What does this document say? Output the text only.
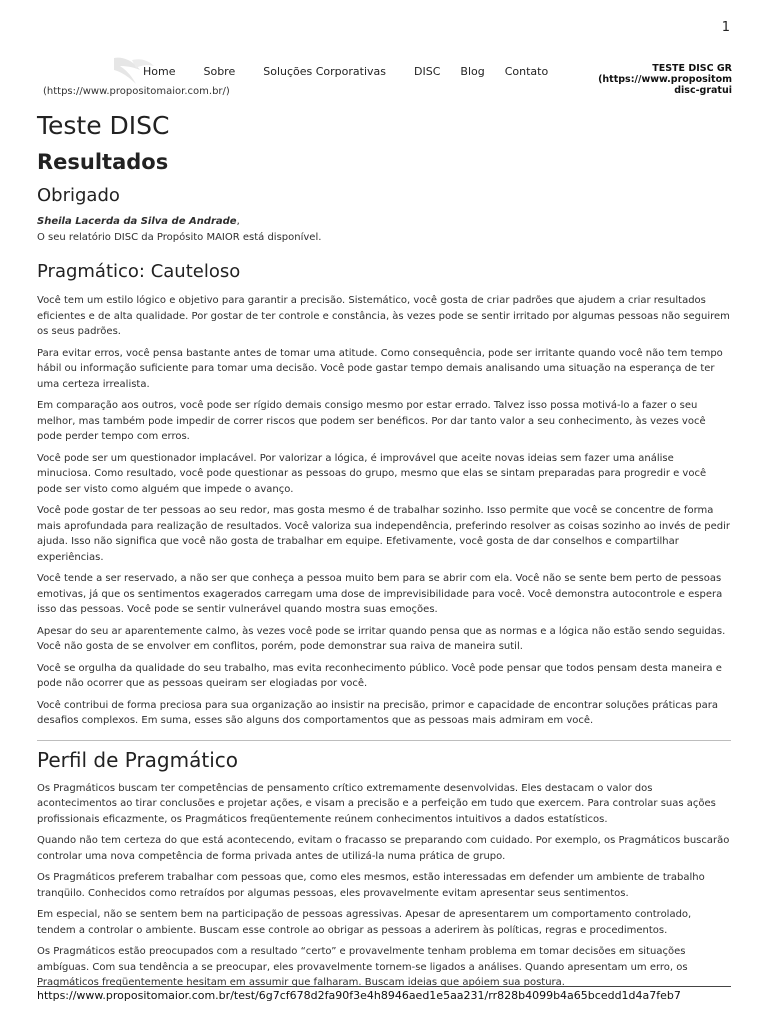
1
Home	Sobre	Soluções Corporativas	DISC Blog Contato
(https://www.propositomaior.com.br/)
TESTE DISC GR
(https://www.propositom
disc-gratui
Teste DISC
Resultados
Obrigado

Sheila Lacerda da Silva de Andrade,
O seu relatório DISC da Propósito MAIOR está disponível.

Pragmático: Cauteloso

Você tem um estilo lógico e objetivo para garantir a precisão. Sistemático, você gosta de criar padrões que ajudem a criar resultados eficientes e de alta qualidade. Por gostar de ter controle e constância, às vezes pode se sentir irritado por algumas pessoas não seguirem os seus padrões.

Para evitar erros, você pensa bastante antes de tomar uma atitude. Como consequência, pode ser irritante quando você não tem tempo hábil ou informação suficiente para tomar uma decisão. Você pode gastar tempo demais analisando uma situação na esperança de ter uma certeza irrealista.

Em comparação aos outros, você pode ser rígido demais consigo mesmo por estar errado. Talvez isso possa motivá-lo a fazer o seu melhor, mas também pode impedir de correr riscos que podem ser benéficos. Por dar tanto valor a seu conhecimento, às vezes você pode perder tempo com erros.

Você pode ser um questionador implacável. Por valorizar a lógica, é improvável que aceite novas ideias sem fazer uma análise minuciosa. Como resultado, você pode questionar as pessoas do grupo, mesmo que elas se sintam preparadas para progredir e você pode ser visto como alguém que impede o avanço.

Você pode gostar de ter pessoas ao seu redor, mas gosta mesmo é de trabalhar sozinho. Isso permite que você se concentre de forma mais aprofundada para realização de resultados. Você valoriza sua independência, preferindo resolver as coisas sozinho ao invés de pedir ajuda. Isso não significa que você não gosta de trabalhar em equipe. Efetivamente, você gosta de dar conselhos e compartilhar experiências.

Você tende a ser reservado, a não ser que conheça a pessoa muito bem para se abrir com ela. Você não se sente bem perto de pessoas emotivas, já que os sentimentos exagerados carregam uma dose de imprevisibilidade para você. Você demonstra autocontrole e espera isso das pessoas. Você pode se sentir vulnerável quando mostra suas emoções.

Apesar do seu ar aparentemente calmo, às vezes você pode se irritar quando pensa que as normas e a lógica não estão sendo seguidas. Você não gosta de se envolver em conflitos, porém, pode demonstrar sua raiva de maneira sutil.

Você se orgulha da qualidade do seu trabalho, mas evita reconhecimento público. Você pode pensar que todos pensam desta maneira e pode não ocorrer que as pessoas queiram ser elogiadas por você.

Você contribui de forma preciosa para sua organização ao insistir na precisão, primor e capacidade de encontrar soluções práticas para desafios complexos. Em suma, esses são alguns dos comportamentos que as pessoas mais admiram em você.

Perfil de Pragmático

Os Pragmáticos buscam ter competências de pensamento crítico extremamente desenvolvidas. Eles destacam o valor dos acontecimentos ao tirar conclusões e projetar ações, e visam a precisão e a perfeição em tudo que exercem. Para controlar suas ações profissionais eficazmente, os Pragmáticos freqüentemente reúnem conhecimentos intuitivos a dados estatísticos.

Quando não tem certeza do que está acontecendo, evitam o fracasso se preparando com cuidado. Por exemplo, os Pragmáticos buscarão controlar uma nova competência de forma privada antes de utilizá-la numa prática de grupo.

Os Pragmáticos preferem trabalhar com pessoas que, como eles mesmos, estão interessadas em defender um ambiente de trabalho tranqüilo. Conhecidos como retraídos por algumas pessoas, eles provavelmente evitam apresentar seus sentimentos.

Em especial, não se sentem bem na participação de pessoas agressivas. Apesar de apresentarem um comportamento controlado, tendem a controlar o ambiente. Buscam esse controle ao obrigar as pessoas a aderirem às políticas, regras e procedimentos.

Os Pragmáticos estão preocupados com a resultado “certo” e provavelmente tenham problema em tomar decisões em situações ambíguas. Com sua tendência a se preocupar, eles provavelmente tornem-se ligados a análises. Quando apresentam um erro, os Pragmáticos freqüentemente hesitam em assumir que falharam. Buscam ideias que apóiem sua postura.

https://www.propositomaior.com.br/test/6g7cf678d2fa90f3e4h8946aed1e5aa231/rr828b4099b4a65bcedd1d4a7feb7
